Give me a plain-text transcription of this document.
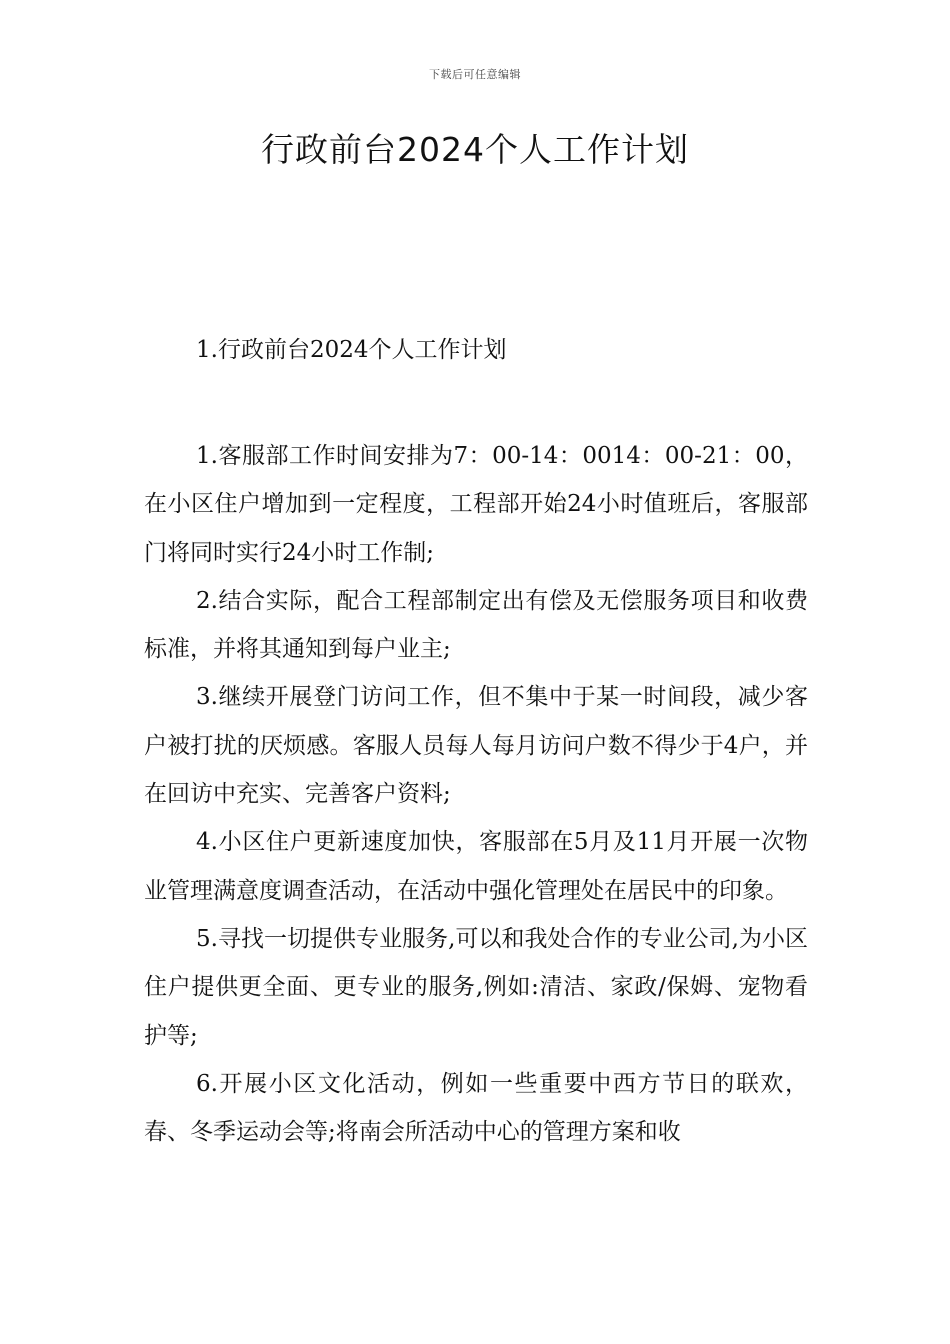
下载后可任意编辑
行政前台2024个人工作计划
1.行政前台2024个人工作计划

1.客服部工作时间安排为7：00-14：0014：00-21：00，在小区住户增加到一定程度，工程部开始24小时值班后，客服部门将同时实行24小时工作制;

2.结合实际，配合工程部制定出有偿及无偿服务项目和收费标准，并将其通知到每户业主;

3.继续开展登门访问工作，但不集中于某一时间段，减少客户被打扰的厌烦感。客服人员每人每月访问户数不得少于4户，并在回访中充实、完善客户资料;

4.小区住户更新速度加快，客服部在5月及11月开展一次物业管理满意度调查活动，在活动中强化管理处在居民中的印象。

5.寻找一切提供专业服务,可以和我处合作的专业公司,为小区住户提供更全面、更专业的服务,例如:清洁、家政/保姆、宠物看护等;

6.开展小区文化活动，例如一些重要中西方节日的联欢，春、冬季运动会等;将南会所活动中心的管理方案和收
